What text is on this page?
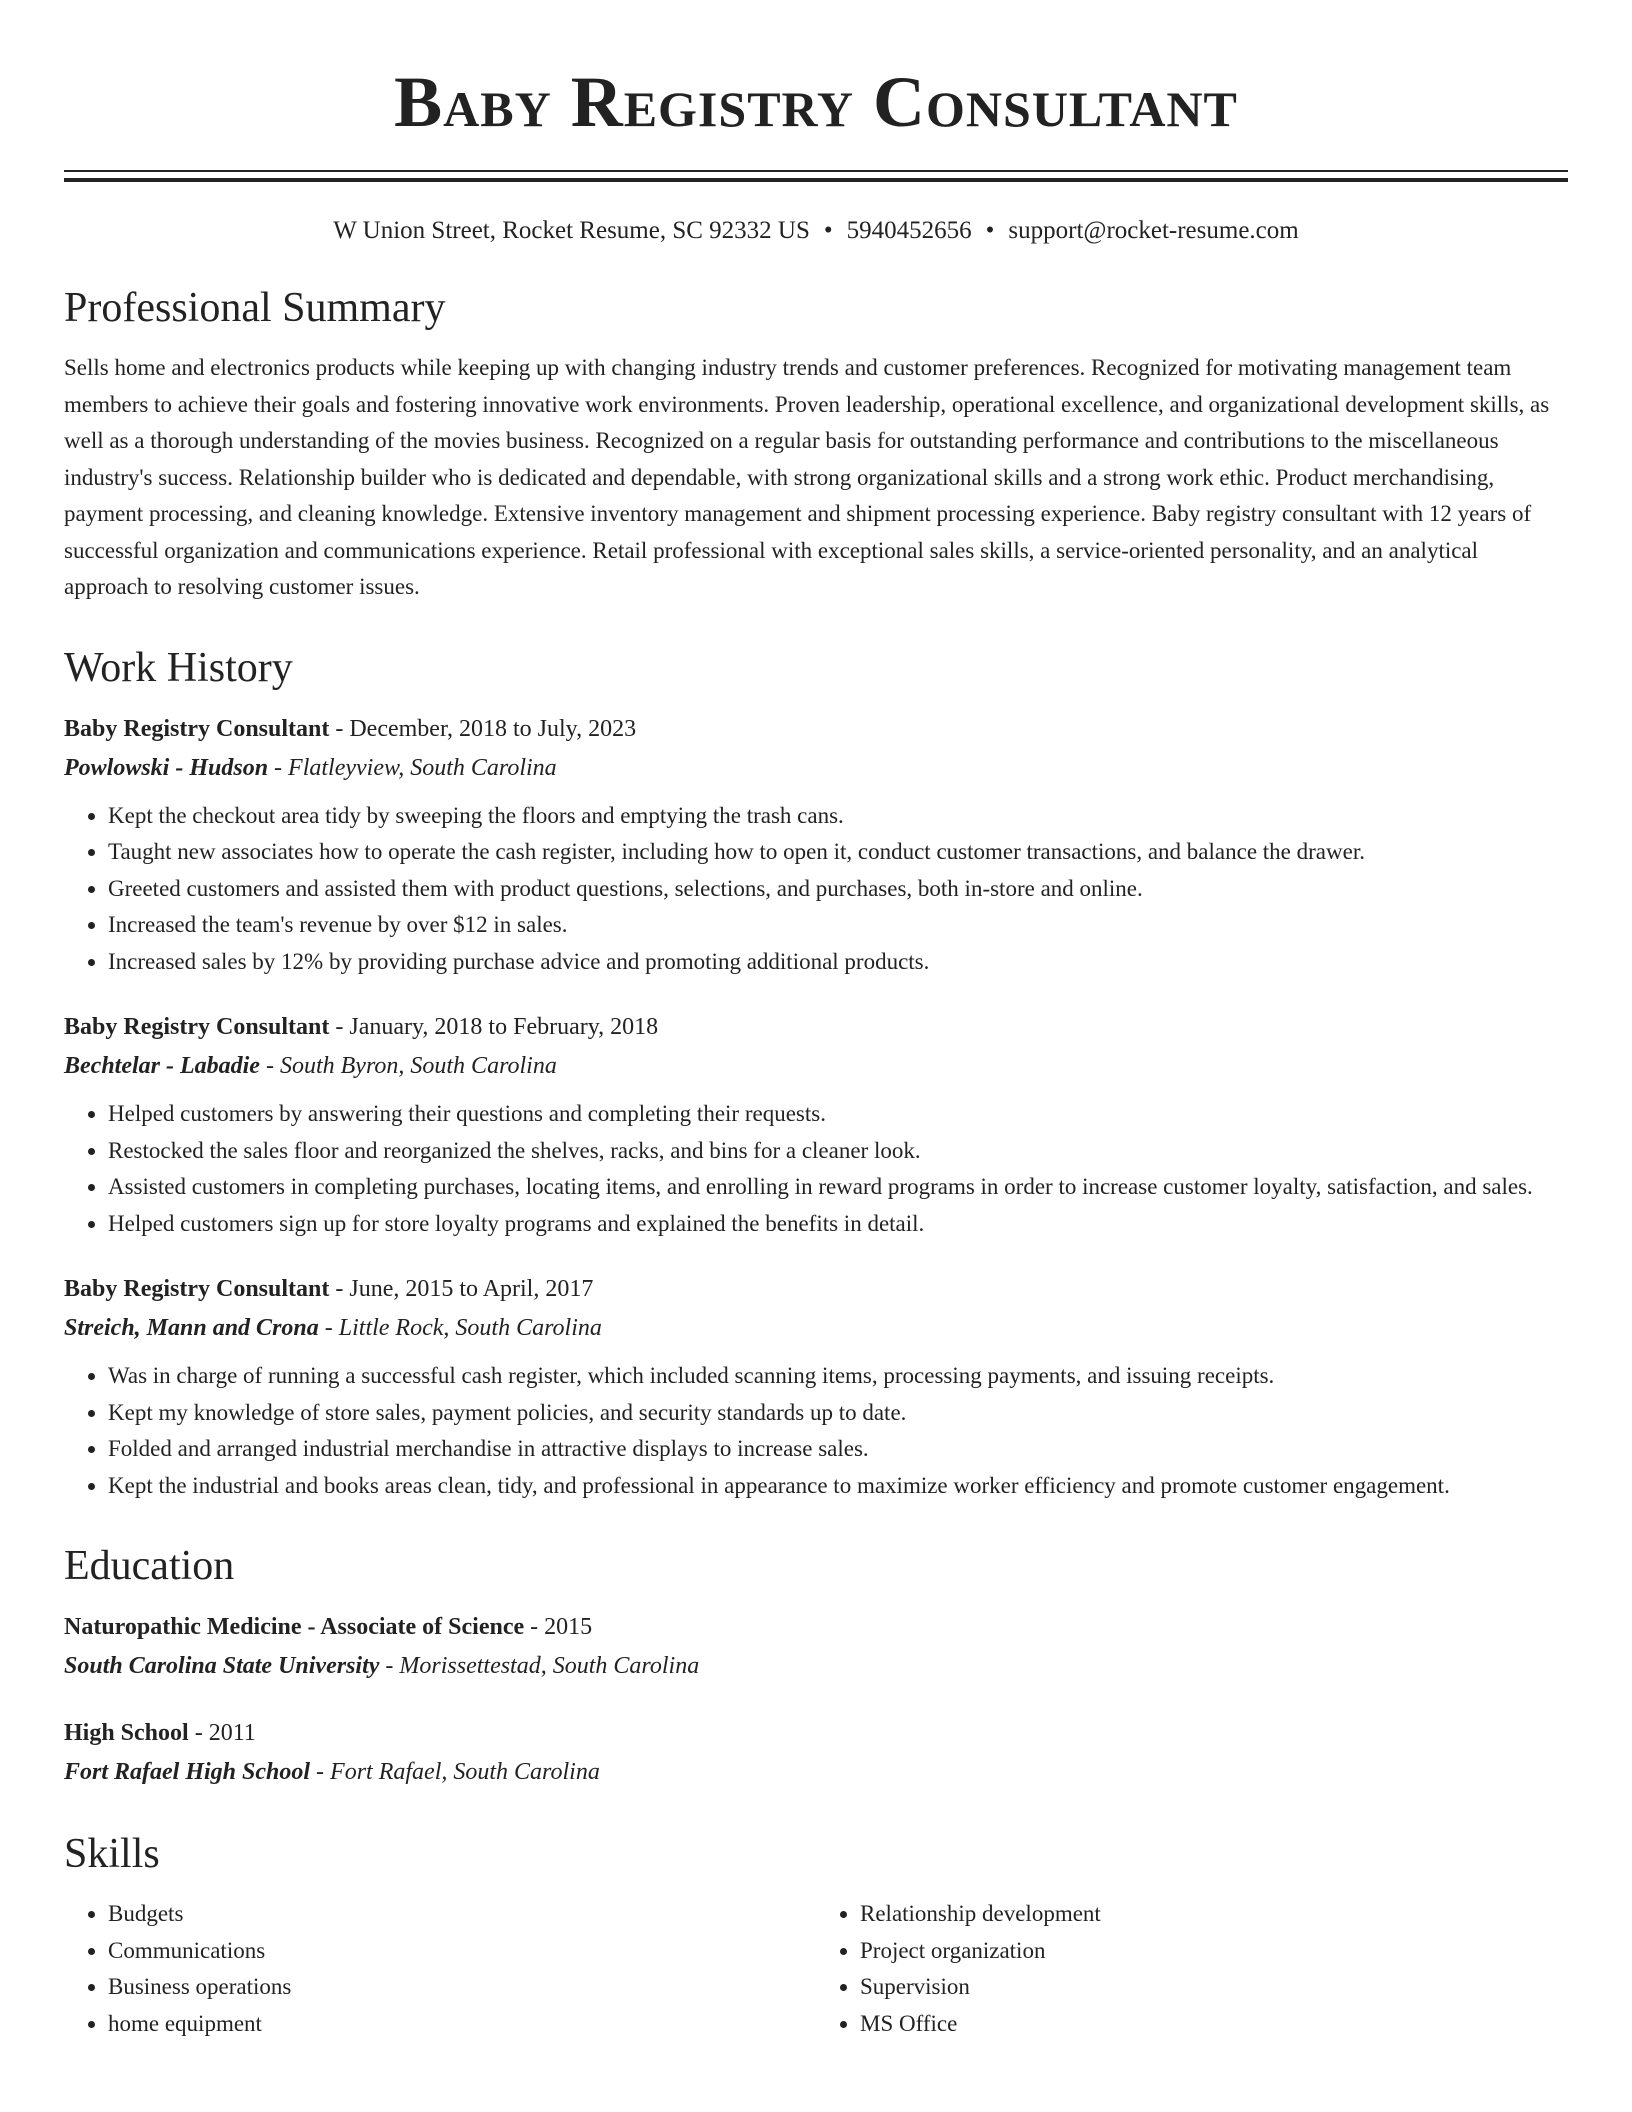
Baby Registry Consultant
W Union Street, Rocket Resume, SC 92332 US • 5940452656 • support@rocket-resume.com
Professional Summary

Sells home and electronics products while keeping up with changing industry trends and customer preferences. Recognized for motivating management team members to achieve their goals and fostering innovative work environments. Proven leadership, operational excellence, and organizational development skills, as well as a thorough understanding of the movies business. Recognized on a regular basis for outstanding performance and contributions to the miscellaneous industry's success. Relationship builder who is dedicated and dependable, with strong organizational skills and a strong work ethic. Product merchandising, payment processing, and cleaning knowledge. Extensive inventory management and shipment processing experience. Baby registry consultant with 12 years of successful organization and communications experience. Retail professional with exceptional sales skills, a service-oriented personality, and an analytical approach to resolving customer issues.

Work History
Baby Registry Consultant - December, 2018 to July, 2023
Powlowski - Hudson - Flatleyview, South Carolina
• Kept the checkout area tidy by sweeping the floors and emptying the trash cans.
• Taught new associates how to operate the cash register, including how to open it, conduct customer transactions, and balance the drawer.
• Greeted customers and assisted them with product questions, selections, and purchases, both in-store and online.
• Increased the team's revenue by over $12 in sales.
• Increased sales by 12% by providing purchase advice and promoting additional products.
Baby Registry Consultant - January, 2018 to February, 2018
Bechtelar - Labadie - South Byron, South Carolina
• Helped customers by answering their questions and completing their requests.
• Restocked the sales floor and reorganized the shelves, racks, and bins for a cleaner look.
• Assisted customers in completing purchases, locating items, and enrolling in reward programs in order to increase customer loyalty, satisfaction, and sales.
• Helped customers sign up for store loyalty programs and explained the benefits in detail.
Baby Registry Consultant - June, 2015 to April, 2017
Streich, Mann and Crona - Little Rock, South Carolina
• Was in charge of running a successful cash register, which included scanning items, processing payments, and issuing receipts.
• Kept my knowledge of store sales, payment policies, and security standards up to date.
• Folded and arranged industrial merchandise in attractive displays to increase sales.
• Kept the industrial and books areas clean, tidy, and professional in appearance to maximize worker efficiency and promote customer engagement.
Education
Naturopathic Medicine - Associate of Science - 2015
South Carolina State University - Morissettestad, South Carolina
High School - 2011
Fort Rafael High School - Fort Rafael, South Carolina
Skills
• Budgets
• Communications
• Business operations
• home equipment
• Relationship development
• Project organization
• Supervision
• MS Office
